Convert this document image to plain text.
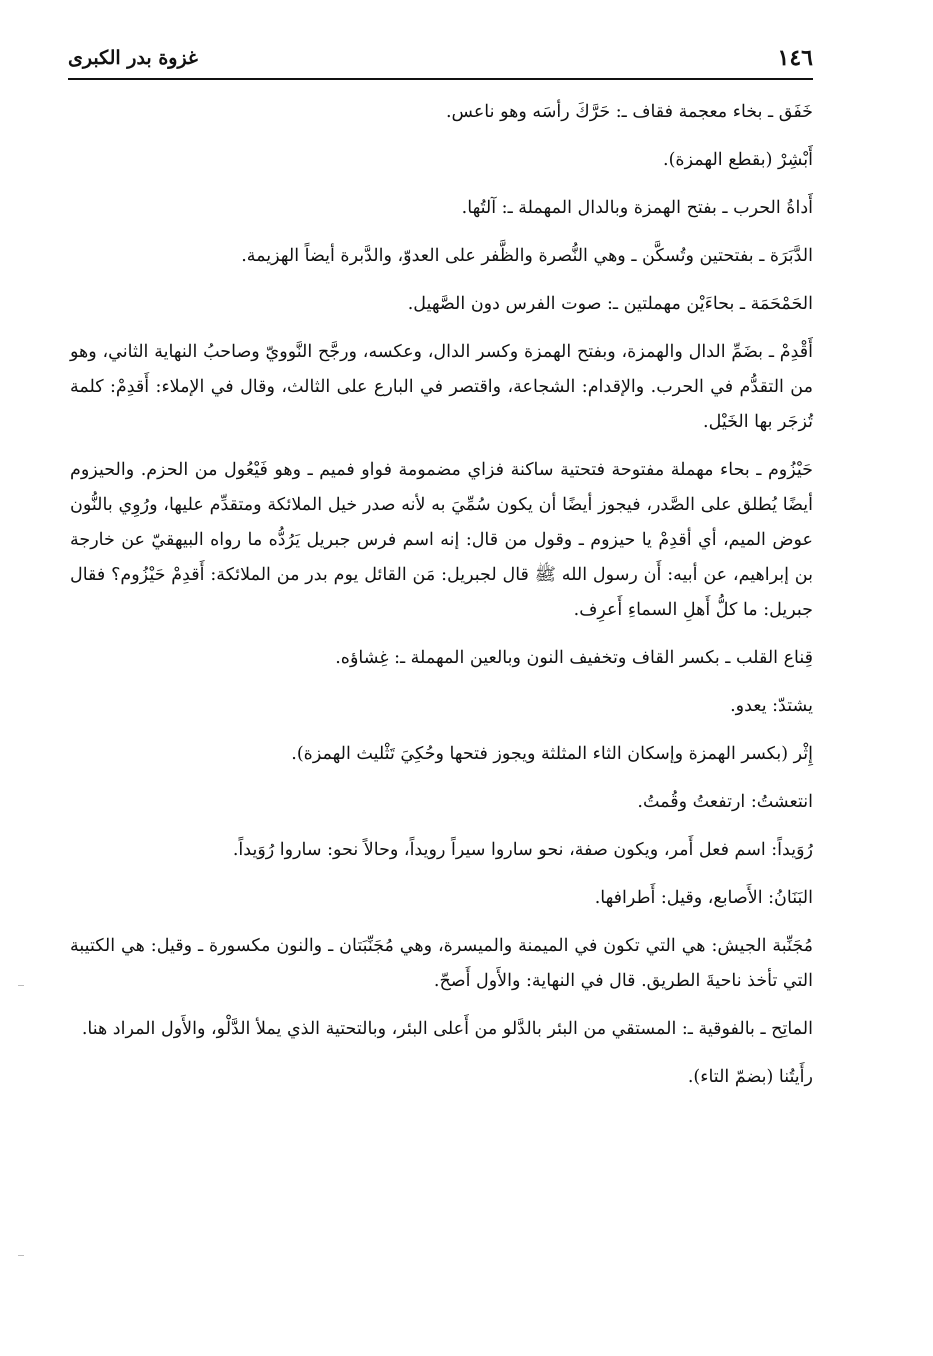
١٤٦
غزوة بدر الكبرى

خَفَق ـ بخاء معجمة فقاف ـ: حَرَّكَ رأسَه وهو ناعس.

أَبْشِرْ (بقطع الهمزة).

أَداةُ الحرب ـ بفتح الهمزة وبالدال المهملة ـ: آلتُها.

الدَّبَرَة ـ بفتحتين وتُسكَّن ـ وهي النُّصرة والظَّفر على العدوّ، والدَّبرة أيضاً الهزيمة.

الحَمْحَمَة ـ بحاءَيْن مهملتين ـ: صوت الفرس دون الصَّهيل.

أَقْدِمْ ـ بضَمِّ الدال والهمزة، وبفتح الهمزة وكسر الدال، وعكسه، ورجَّح النَّوويّ وصاحبُ النهاية الثاني، وهو من التقدُّم في الحرب. والإقدام: الشجاعة، واقتصر في البارع على الثالث، وقال في الإملاء: أَقدِمْ: كلمة تُزجَر بها الخَيْل.

حَيْزُوم ـ بحاء مهملة مفتوحة فتحتية ساكنة فزاي مضمومة فواو فميم ـ وهو فَيْعُول من الحزم. والحيزوم أيضًا يُطلق على الصَّدر، فيجوز أيضًا أن يكون سُمِّيَ به لأنه صدر خيل الملائكة ومتقدِّم عليها، ورُوِي بالنُّون عوض الميم، أي أقدِمْ يا حيزوم ـ وقول من قال: إنه اسم فرس جبريل يَرُدُّه ما رواه البيهقيّ عن خارجة بن إبراهيم، عن أبيه: أَن رسول الله ﷺ قال لجبريل: مَن القائل يوم بدر من الملائكة: أَقدِمْ حَيْزُوم؟ فقال جبريل: ما كلُّ أَهلِ السماءِ أَعرِف.

قِناع القلب ـ بكسر القاف وتخفيف النون وبالعين المهملة ـ: غِشاؤه.

يشتدّ: يعدو.

إِثْر (بكسر الهمزة وإسكان الثاء المثلثة ويجوز فتحها وحُكِيَ تَثْليث الهمزة).

انتعشتُ: ارتفعتُ وقُمتُ.

رُوَيداً: اسم فعل أَمر، ويكون صفة، نحو ساروا سيراً رويداً، وحالاً نحو: ساروا رُوَيداً.

البَنَانُ: الأَصابع، وقيل: أَطرافها.

مُجَنِّبة الجيش: هي التي تكون في الميمنة والميسرة، وهي مُجَنِّبَتان ـ والنون مكسورة ـ وقيل: هي الكتيبة التي تأخذ ناحيةَ الطريق. قال في النهاية: والأَول أَصحّ.

الماتِح ـ بالفوقية ـ: المستقي من البئر بالدَّلو من أَعلى البئر، وبالتحتية الذي يملأ الدَّلْو، والأَول المراد هنا.

رأَيتُنا (بضمّ التاء).
